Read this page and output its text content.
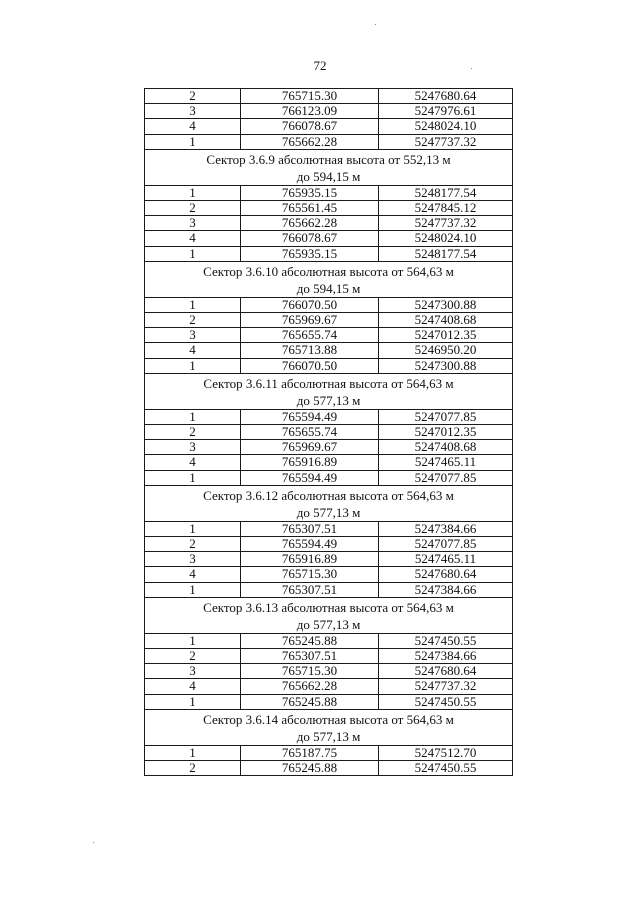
72
2	765715.30	5247680.64
3	766123.09	5247976.61
4	766078.67	5248024.10
1	765662.28	5247737.32

Сектор 3.6.9 абсолютная высота от 552,13 м
до 594,15 м		

1	765935.15	5248177.54
2	765561.45	5247845.12
3	765662.28	5247737.32
4	766078.67	5248024.10
1	765935.15	5248177.54

Сектор 3.6.10 абсолютная высота от 564,63 м
до 594,15 м		

1	766070.50	5247300.88
2	765969.67	5247408.68
3	765655.74	5247012.35
4	765713.88	5246950.20
1	766070.50	5247300.88

Сектор 3.6.11 абсолютная высота от 564,63 м
до 577,13 м		

1	765594.49	5247077.85
2	765655.74	5247012.35
3	765969.67	5247408.68
4	765916.89	5247465.11
1	765594.49	5247077.85

Сектор 3.6.12 абсолютная высота от 564,63 м
до 577,13 м		

1	765307.51	5247384.66
2	765594.49	5247077.85
3	765916.89	5247465.11
4	765715.30	5247680.64
1	765307.51	5247384.66

Сектор 3.6.13 абсолютная высота от 564,63 м
до 577,13 м		

1	765245.88	5247450.55
2	765307.51	5247384.66
3	765715.30	5247680.64
4	765662.28	5247737.32
1	765245.88	5247450.55

Сектор 3.6.14 абсолютная высота от 564,63 м
до 577,13 м		

1	765187.75	5247512.70
2	765245.88	5247450.55
